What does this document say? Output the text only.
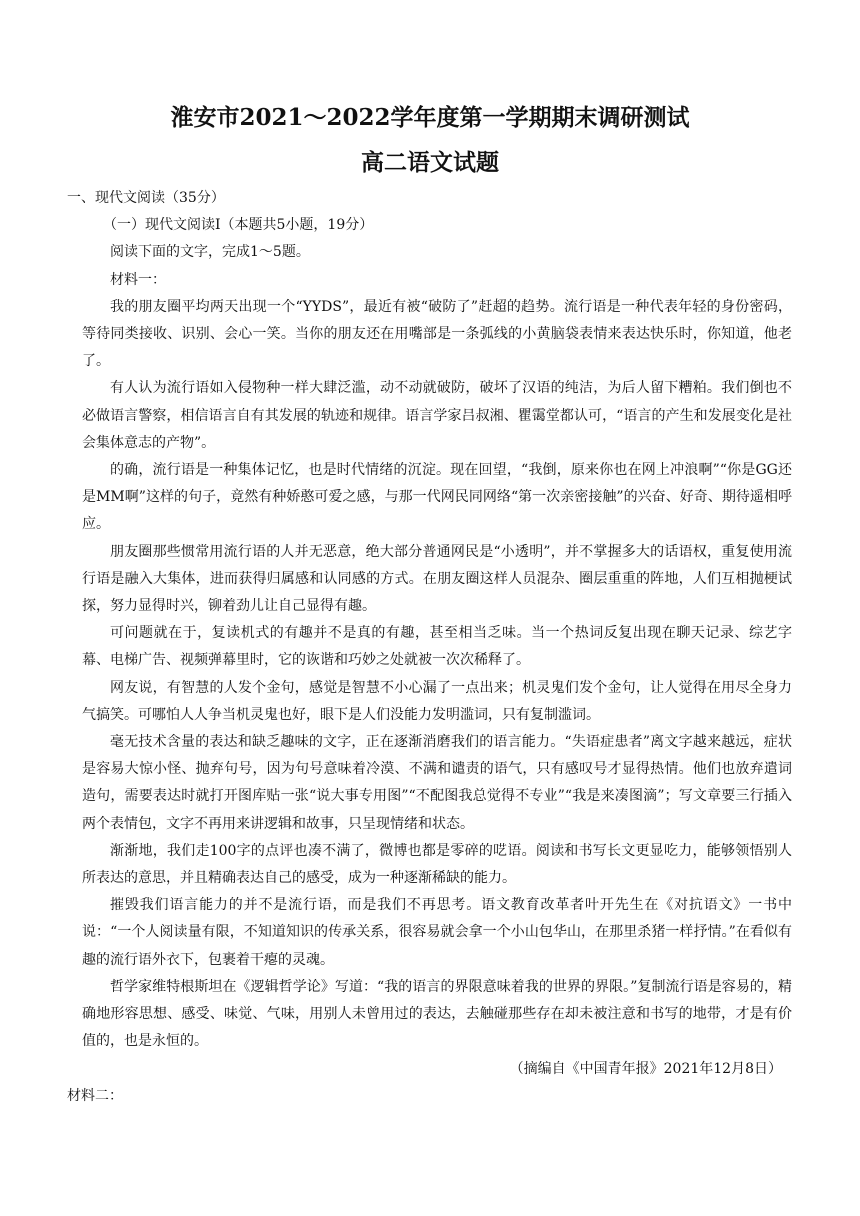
淮安市2021～2022学年度第一学期期末调研测试
高二语文试题

一、现代文阅读（35分）

（一）现代文阅读Ⅰ（本题共5小题，19分）

阅读下面的文字，完成1～5题。

材料一：

我的朋友圈平均两天出现一个“YYDS”，最近有被“破防了”赶超的趋势。流行语是一种代表年轻的身份密码，等待同类接收、识别、会心一笑。当你的朋友还在用嘴部是一条弧线的小黄脑袋表情来表达快乐时，你知道，他老了。

有人认为流行语如入侵物种一样大肆泛滥，动不动就破防，破坏了汉语的纯洁，为后人留下糟粕。我们倒也不必做语言警察，相信语言自有其发展的轨迹和规律。语言学家吕叔湘、瞿霭堂都认可，“语言的产生和发展变化是社会集体意志的产物”。

的确，流行语是一种集体记忆，也是时代情绪的沉淀。现在回望，“我倒，原来你也在网上冲浪啊”“你是GG还是MM啊”这样的句子，竟然有种娇憨可爱之感，与那一代网民同网络“第一次亲密接触”的兴奋、好奇、期待遥相呼应。

朋友圈那些惯常用流行语的人并无恶意，绝大部分普通网民是“小透明”，并不掌握多大的话语权，重复使用流行语是融入大集体，进而获得归属感和认同感的方式。在朋友圈这样人员混杂、圈层重重的阵地，人们互相抛梗试探，努力显得时兴，铆着劲儿让自己显得有趣。

可问题就在于，复读机式的有趣并不是真的有趣，甚至相当乏味。当一个热词反复出现在聊天记录、综艺字幕、电梯广告、视频弹幕里时，它的诙谐和巧妙之处就被一次次稀释了。

网友说，有智慧的人发个金句，感觉是智慧不小心漏了一点出来；机灵鬼们发个金句，让人觉得在用尽全身力气搞笑。可哪怕人人争当机灵鬼也好，眼下是人们没能力发明滥词，只有复制滥词。

毫无技术含量的表达和缺乏趣味的文字，正在逐渐消磨我们的语言能力。“失语症患者”离文字越来越远，症状是容易大惊小怪、抛弃句号，因为句号意味着冷漠、不满和谴责的语气，只有感叹号才显得热情。他们也放弃遣词造句，需要表达时就打开图库贴一张“说大事专用图”“不配图我总觉得不专业”“我是来凑图滴”；写文章要三行插入两个表情包，文字不再用来讲逻辑和故事，只呈现情绪和状态。

渐渐地，我们走100字的点评也凑不满了，微博也都是零碎的呓语。阅读和书写长文更显吃力，能够领悟别人所表达的意思，并且精确表达自己的感受，成为一种逐渐稀缺的能力。

摧毁我们语言能力的并不是流行语，而是我们不再思考。语文教育改革者叶开先生在《对抗语文》一书中说：“一个人阅读量有限，不知道知识的传承关系，很容易就会拿一个小山包华山，在那里杀猪一样抒情。”在看似有趣的流行语外衣下，包裹着干瘪的灵魂。

哲学家维特根斯坦在《逻辑哲学论》写道：“我的语言的界限意味着我的世界的界限。”复制流行语是容易的，精确地形容思想、感受、味觉、气味，用别人未曾用过的表达，去触碰那些存在却未被注意和书写的地带，才是有价值的，也是永恒的。

（摘编自《中国青年报》2021年12月8日）

材料二：
